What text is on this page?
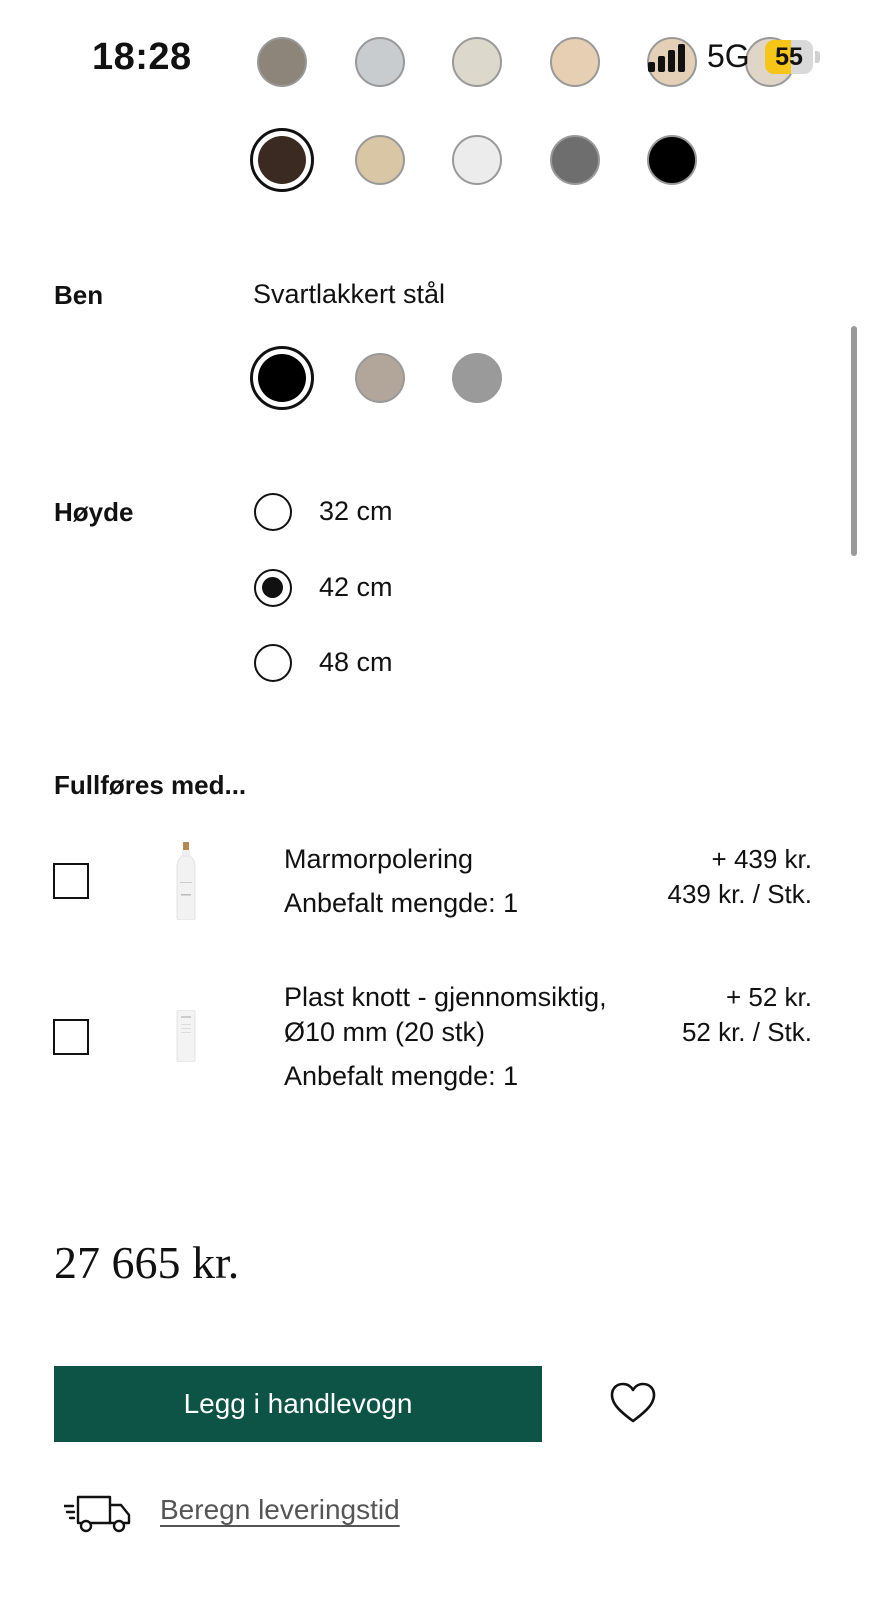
18:28	5G	55
Ben	Svartlakkert stål
Høyde	32 cm
42 cm
48 cm
Fullføres med...
Marmorpolering
Anbefalt mengde: 1
+ 439 kr.
439 kr. / Stk.
Plast knott - gjennomsiktig, Ø10 mm (20 stk)
Anbefalt mengde: 1
+ 52 kr.
52 kr. / Stk.
27 665 kr.
Legg i handlevogn
Beregn leveringstid
